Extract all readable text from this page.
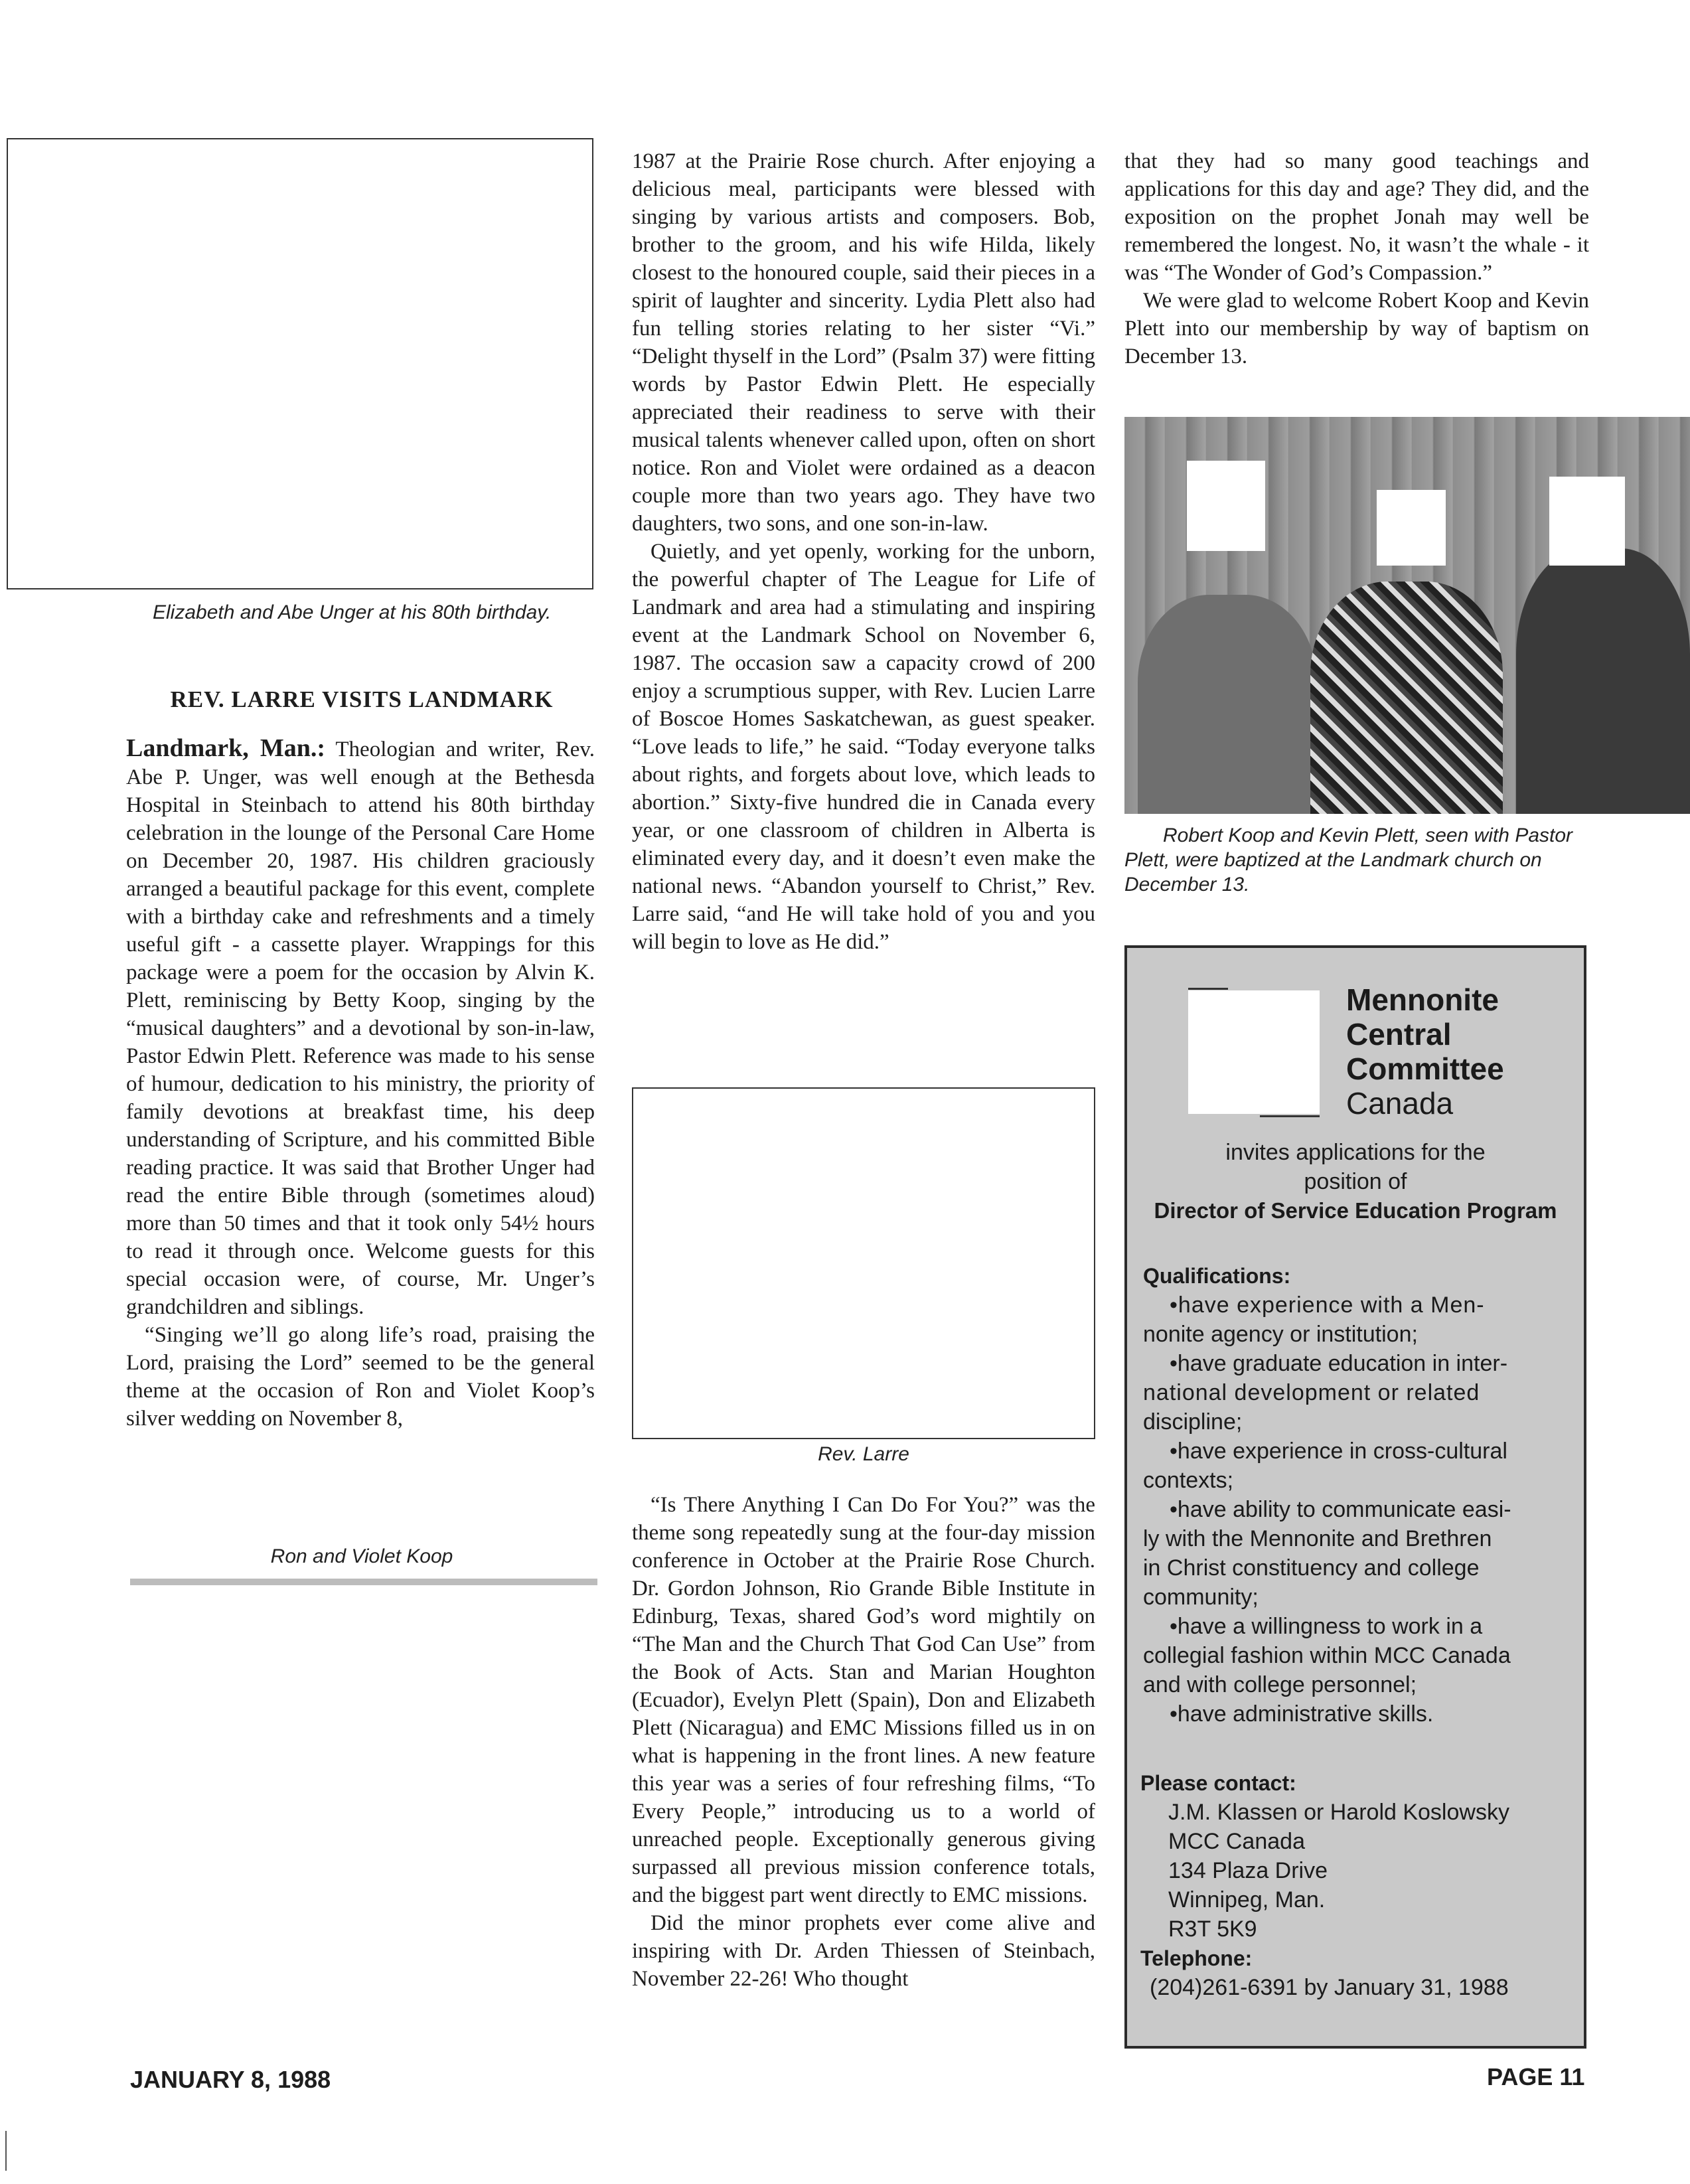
Elizabeth and Abe Unger at his 80th birthday.
REV. LARRE VISITS LANDMARK

Landmark, Man.: Theologian and writer, Rev. Abe P. Unger, was well enough at the Bethesda Hospital in Steinbach to attend his 80th birthday celebration in the lounge of the Personal Care Home on December 20, 1987. His children graciously arranged a beautiful package for this event, complete with a birthday cake and refreshments and a timely useful gift - a cassette player. Wrappings for this package were a poem for the occasion by Alvin K. Plett, reminiscing by Betty Koop, singing by the “musical daughters” and a devotional by son-in-law, Pastor Edwin Plett. Reference was made to his sense of humour, dedication to his ministry, the priority of family devotions at breakfast time, his deep understanding of Scripture, and his committed Bible reading practice. It was said that Brother Unger had read the entire Bible through (sometimes aloud) more than 50 times and that it took only 54½ hours to read it through once. Welcome guests for this special occasion were, of course, Mr. Unger’s grandchildren and siblings.

“Singing we’ll go along life’s road, praising the Lord, praising the Lord” seemed to be the general theme at the occasion of Ron and Violet Koop’s silver wedding on November 8,

Ron and Violet Koop

1987 at the Prairie Rose church. After enjoying a delicious meal, participants were blessed with singing by various artists and composers. Bob, brother to the groom, and his wife Hilda, likely closest to the honoured couple, said their pieces in a spirit of laughter and sincerity. Lydia Plett also had fun telling stories relating to her sister “Vi.” “Delight thyself in the Lord” (Psalm 37) were fitting words by Pastor Edwin Plett. He especially appreciated their readiness to serve with their musical talents whenever called upon, often on short notice. Ron and Violet were ordained as a deacon couple more than two years ago. They have two daughters, two sons, and one son-in-law.

Quietly, and yet openly, working for the unborn, the powerful chapter of The League for Life of Landmark and area had a stimulating and inspiring event at the Landmark School on November 6, 1987. The occasion saw a capacity crowd of 200 enjoy a scrumptious supper, with Rev. Lucien Larre of Boscoe Homes Saskatchewan, as guest speaker. “Love leads to life,” he said. “Today everyone talks about rights, and forgets about love, which leads to abortion.” Sixty-five hundred die in Canada every year, or one classroom of children in Alberta is eliminated every day, and it doesn’t even make the national news. “Abandon yourself to Christ,” Rev. Larre said, “and He will take hold of you and you will begin to love as He did.”

Rev. Larre

“Is There Anything I Can Do For You?” was the theme song repeatedly sung at the four-day mission conference in October at the Prairie Rose Church. Dr. Gordon Johnson, Rio Grande Bible Institute in Edinburg, Texas, shared God’s word mightily on “The Man and the Church That God Can Use” from the Book of Acts. Stan and Marian Houghton (Ecuador), Evelyn Plett (Spain), Don and Elizabeth Plett (Nicaragua) and EMC Missions filled us in on what is happening in the front lines. A new feature this year was a series of four refreshing films, “To Every People,” introducing us to a world of unreached people. Exceptionally generous giving surpassed all previous mission conference totals, and the biggest part went directly to EMC missions.

Did the minor prophets ever come alive and inspiring with Dr. Arden Thiessen of Steinbach, November 22-26! Who thought

that they had so many good teachings and applications for this day and age? They did, and the exposition on the prophet Jonah may well be remembered the longest. No, it wasn’t the whale - it was “The Wonder of God’s Compassion.”

We were glad to welcome Robert Koop and Kevin Plett into our membership by way of baptism on December 13.

Robert Koop and Kevin Plett, seen with Pastor Plett, were baptized at the Landmark church on December 13.
Mennonite
Central
Committee
Canada
invites applications for the
position of
Director of Service Education Program
Qualifications:
•have experience with a Men-
nonite agency or institution;
•have graduate education in inter-
national development or related
discipline;
•have experience in cross-cultural
contexts;
•have ability to communicate easi-
ly with the Mennonite and Brethren
in Christ constituency and college
community;
•have a willingness to work in a
collegial fashion within MCC Canada
and with college personnel;
•have administrative skills.
Please contact:
J.M. Klassen or Harold Koslowsky
MCC Canada
134 Plaza Drive
Winnipeg, Man.
R3T 5K9
Telephone:
(204)261-6391 by January 31, 1988
JANUARY 8, 1988	PAGE 11
